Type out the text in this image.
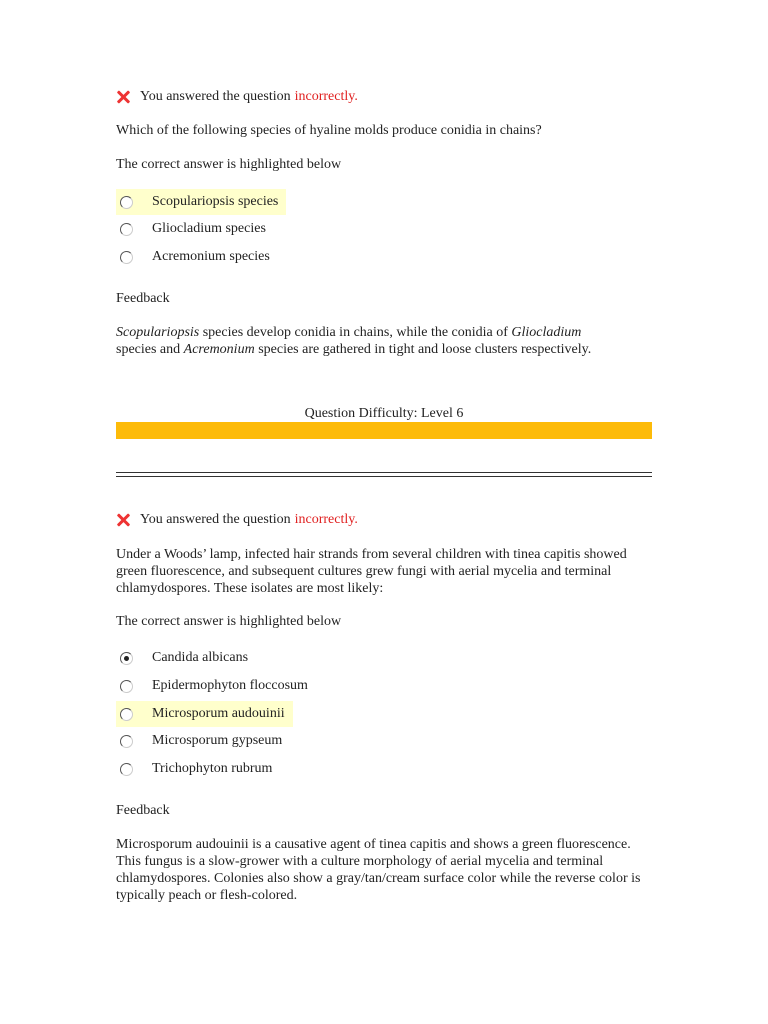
You answered the question incorrectly.
Which of the following species of hyaline molds produce conidia in chains?
The correct answer is highlighted below
Scopulariopsis species
Gliocladium species
Acremonium species
Feedback
Scopulariopsis species develop conidia in chains, while the conidia of Gliocladium
species and Acremonium species are gathered in tight and loose clusters respectively.
Question Difficulty: Level 6
You answered the question incorrectly.
Under a Woods’ lamp, infected hair strands from several children with tinea capitis showed green fluorescence, and subsequent cultures grew fungi with aerial mycelia and terminal chlamydospores. These isolates are most likely:
The correct answer is highlighted below
Candida albicans
Epidermophyton floccosum
Microsporum audouinii
Microsporum gypseum
Trichophyton rubrum
Feedback
Microsporum audouinii is a causative agent of tinea capitis and shows a green fluorescence. This fungus is a slow-grower with a culture morphology of aerial mycelia and terminal chlamydospores. Colonies also show a gray/tan/cream surface color while the reverse color is typically peach or flesh-colored.
